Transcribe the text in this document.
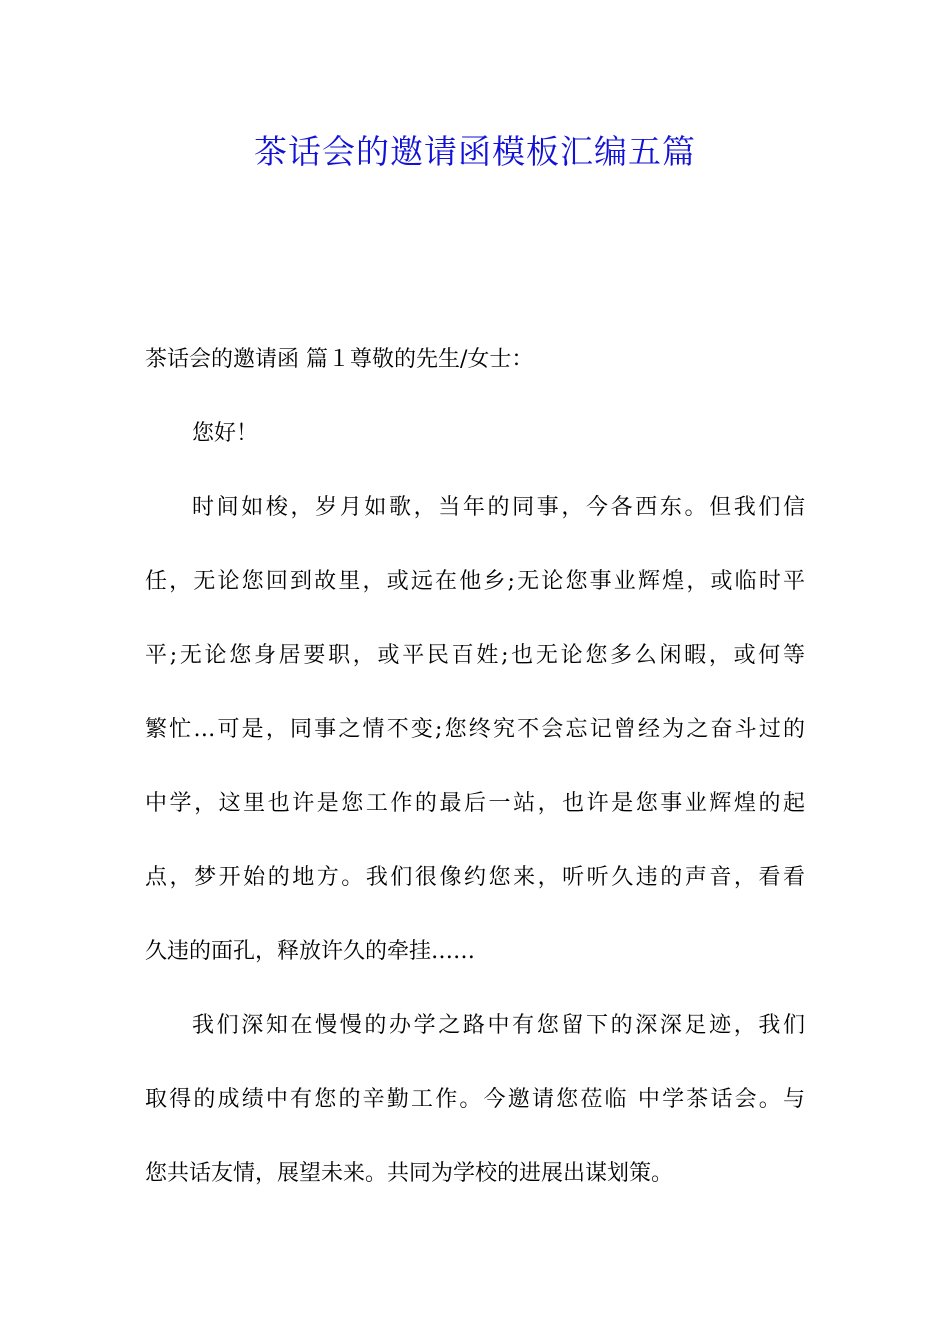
茶话会的邀请函模板汇编五篇
茶话会的邀请函 篇１尊敬的先生/女士：
您好！
时间如梭，岁月如歌，当年的同事，今各西东。但我们信
任，无论您回到故里，或远在他乡;无论您事业辉煌，或临时平
平;无论您身居要职，或平民百姓;也无论您多么闲暇，或何等
繁忙…可是，同事之情不变;您终究不会忘记曾经为之奋斗过的
中学，这里也许是您工作的最后一站，也许是您事业辉煌的起
点，梦开始的地方。我们很像约您来，听听久违的声音，看看
久违的面孔，释放许久的牵挂……
我们深知在慢慢的办学之路中有您留下的深深足迹，我们
取得的成绩中有您的辛勤工作。今邀请您莅临 中学茶话会。与
您共话友情，展望未来。共同为学校的进展出谋划策。
